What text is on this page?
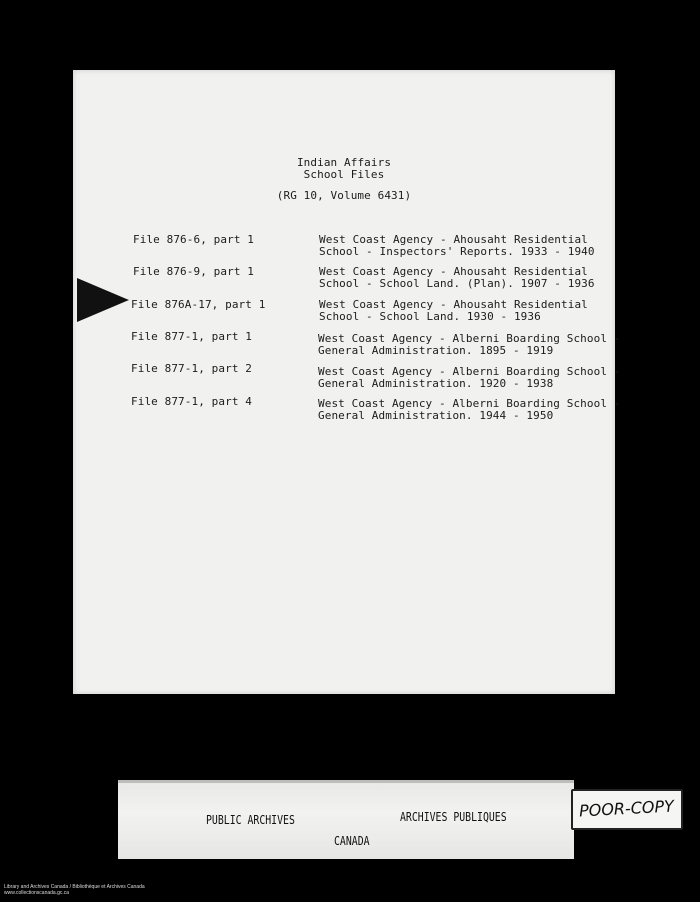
Indian Affairs
School Files
(RG 10, Volume 6431)
File 876-6, part 1	West Coast Agency - Ahousaht Residential
School - Inspectors' Reports. 1933 - 1940
File 876-9, part 1	West Coast Agency - Ahousaht Residential
School - School Land. (Plan). 1907 - 1936
File 876A-17, part 1	West Coast Agency - Ahousaht Residential
School - School Land. 1930 - 1936
File 877-1, part 1	West Coast Agency - Alberni Boarding School -
General Administration. 1895 - 1919
File 877-1, part 2	West Coast Agency - Alberni Boarding School -
General Administration. 1920 - 1938
File 877-1, part 4	West Coast Agency - Alberni Boarding School -
General Administration. 1944 - 1950
PUBLIC ARCHIVES	ARCHIVES PUBLIQUES
CANADA
POOR-COPY
Library and Archives Canada / Bibliothèque et Archives Canada
www.collectionscanada.gc.ca
